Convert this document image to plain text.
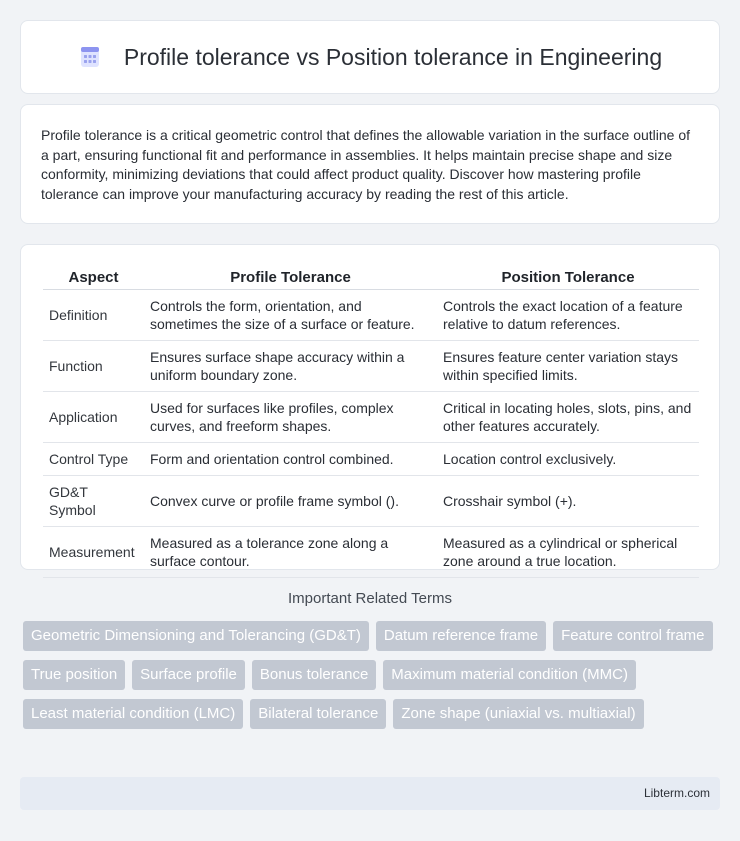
Profile tolerance vs Position tolerance in Engineering

Profile tolerance is a critical geometric control that defines the allowable variation in the surface outline of a part, ensuring functional fit and performance in assemblies. It helps maintain precise shape and size conformity, minimizing deviations that could affect product quality. Discover how mastering profile tolerance can improve your manufacturing accuracy by reading the rest of this article.

Aspect	Profile Tolerance	Position Tolerance
Definition	Controls the form, orientation, and sometimes the size of a surface or feature.	Controls the exact location of a feature relative to datum references.
Function	Ensures surface shape accuracy within a uniform boundary zone.	Ensures feature center variation stays within specified limits.
Application	Used for surfaces like profiles, complex curves, and freeform shapes.	Critical in locating holes, slots, pins, and other features accurately.
Control Type	Form and orientation control combined.	Location control exclusively.
GD&T Symbol	Convex curve or profile frame symbol ().	Crosshair symbol (+).
Measurement	Measured as a tolerance zone along a surface contour.	Measured as a cylindrical or spherical zone around a true location.
Important Related Terms
Geometric Dimensioning and Tolerancing (GD&T)	Datum reference frame	Feature control frame
True position	Surface profile	Bonus tolerance	Maximum material condition (MMC)
Least material condition (LMC)	Bilateral tolerance	Zone shape (uniaxial vs. multiaxial)
Libterm.com
